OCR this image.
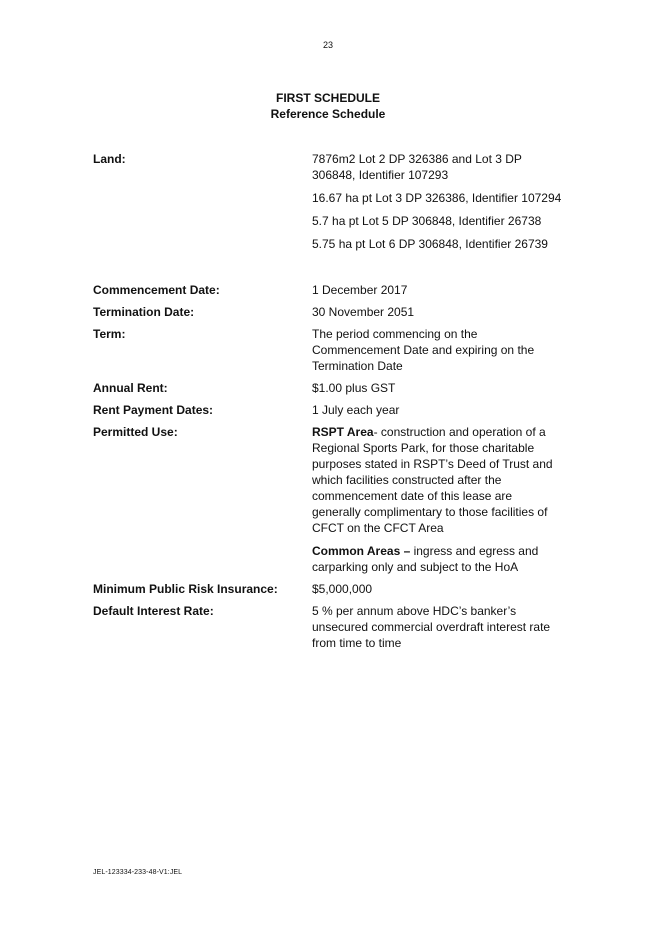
23
FIRST SCHEDULE
Reference Schedule
Land:	7876m2 Lot 2 DP 326386 and Lot 3 DP 306848, Identifier 107293
16.67 ha pt Lot 3 DP 326386, Identifier 107294
5.7 ha pt Lot 5 DP 306848, Identifier 26738
5.75 ha pt Lot 6 DP 306848, Identifier 26739
Commencement Date:	1 December 2017
Termination Date:	30 November 2051
Term:	The period commencing on the Commencement Date and expiring on the Termination Date
Annual Rent:	$1.00 plus GST
Rent Payment Dates:	1 July each year
Permitted Use:	RSPT Area- construction and operation of a Regional Sports Park, for those charitable purposes stated in RSPT’s Deed of Trust and which facilities constructed after the commencement date of this lease are generally complimentary to those facilities of CFCT on the CFCT Area
Common Areas – ingress and egress and carparking only and subject to the HoA
Minimum Public Risk Insurance:	$5,000,000
Default Interest Rate:	5 % per annum above HDC’s banker’s unsecured commercial overdraft interest rate from time to time
JEL-123334-233-48-V1:JEL
